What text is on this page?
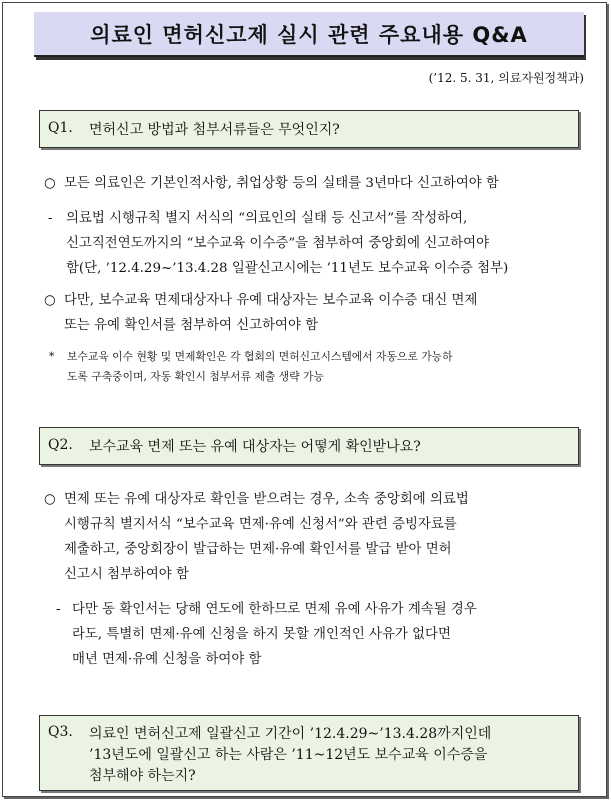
의료인 면허신고제 실시 관련 주요내용 Q&A
(’12. 5. 31, 의료자원정책과)
Q1. 면허신고 방법과 첨부서류들은 무엇인지?
○ 모든 의료인은 기본인적사항, 취업상황 등의 실태를 3년마다 신고하여야 함
- 의료법 시행규칙 별지 서식의 “의료인의 실태 등 신고서”를 작성하여,
신고직전연도까지의 “보수교육 이수증”을 첨부하여 중앙회에 신고하여야
함(단, ’12.4.29~’13.4.28 일괄신고시에는 ’11년도 보수교육 이수증 첨부)
○ 다만, 보수교육 면제대상자나 유예 대상자는 보수교육 이수증 대신 면제
또는 유예 확인서를 첨부하여 신고하여야 함
* 보수교육 이수 현황 및 면제확인은 각 협회의 면허신고시스템에서 자동으로 가능하
도록 구축중이며, 자동 확인시 첨부서류 제출 생략 가능
Q2. 보수교육 면제 또는 유예 대상자는 어떻게 확인받나요?
○ 면제 또는 유예 대상자로 확인을 받으려는 경우, 소속 중앙회에 의료법
시행규칙 별지서식 “보수교육 면제·유예 신청서”와 관련 증빙자료를
제출하고, 중앙회장이 발급하는 면제·유예 확인서를 발급 받아 면허
신고시 첨부하여야 함
- 다만 동 확인서는 당해 연도에 한하므로 면제 유예 사유가 계속될 경우
라도, 특별히 면제·유예 신청을 하지 못할 개인적인 사유가 없다면
매년 면제·유예 신청을 하여야 함
Q3. 의료인 면허신고제 일괄신고 기간이 ’12.4.29~’13.4.28까지인데
’13년도에 일괄신고 하는 사람은 ’11~12년도 보수교육 이수증을
첨부해야 하는지?
